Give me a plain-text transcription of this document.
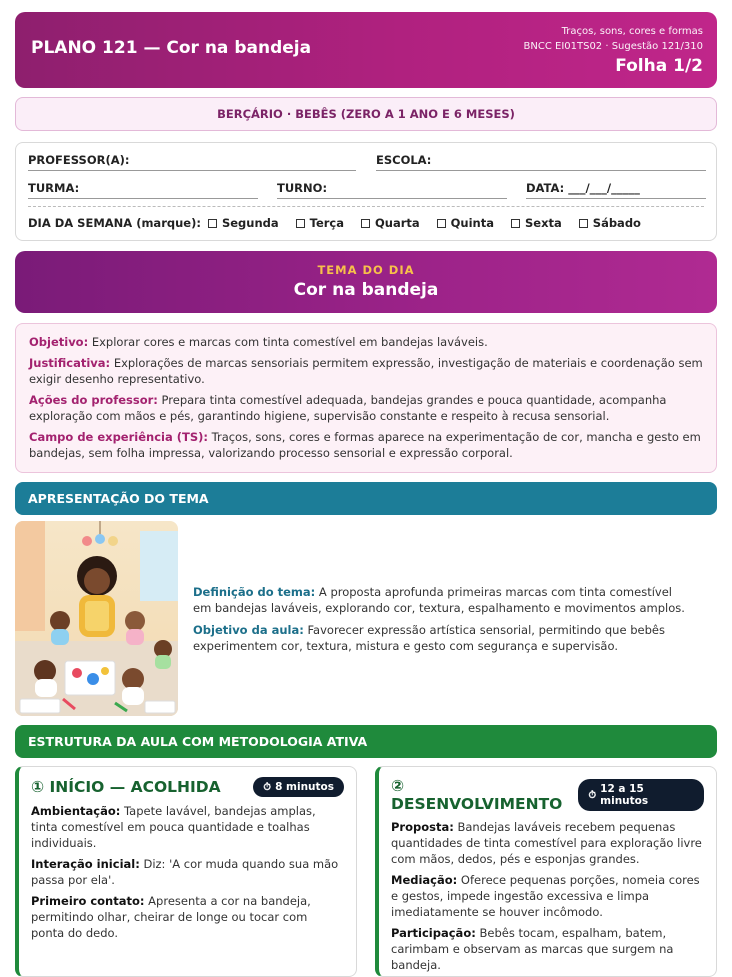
PLANO 121 — Cor na bandeja
Traços, sons, cores e formas
BNCC EI01TS02 · Sugestão 121/310
Folha 1/2
BERÇÁRIO · BEBÊS (ZERO A 1 ANO E 6 MESES)
PROFESSOR(A):	ESCOLA:
TURMA:	TURNO:	DATA: ___/___/_____
DIA DA SEMANA (marque): Segunda	Terça	Quarta	Quinta	Sexta	Sábado
TEMA DO DIA
Cor na bandeja

Objetivo: Explorar cores e marcas com tinta comestível em bandejas laváveis.

Justificativa: Explorações de marcas sensoriais permitem expressão, investigação de materiais e coordenação sem exigir desenho representativo.

Ações do professor: Prepara tinta comestível adequada, bandejas grandes e pouca quantidade, acompanha exploração com mãos e pés, garantindo higiene, supervisão constante e respeito à recusa sensorial.

Campo de experiência (TS): Traços, sons, cores e formas aparece na experimentação de cor, mancha e gesto em bandejas, sem folha impressa, valorizando processo sensorial e expressão corporal.

APRESENTAÇÃO DO TEMA

Definição do tema: A proposta aprofunda primeiras marcas com tinta comestível em bandejas laváveis, explorando cor, textura, espalhamento e movimentos amplos.

Objetivo da aula: Favorecer expressão artística sensorial, permitindo que bebês experimentem cor, textura, mistura e gesto com segurança e supervisão.

ESTRUTURA DA AULA COM METODOLOGIA ATIVA
① INÍCIO — ACOLHIDA	⏱ 8 minutos

Ambientação: Tapete lavável, bandejas amplas, tinta comestível em pouca quantidade e toalhas individuais.

Interação inicial: Diz: 'A cor muda quando sua mão passa por ela'.

Primeiro contato: Apresenta a cor na bandeja, permitindo olhar, cheirar de longe ou tocar com ponta do dedo.

② DESENVOLVIMENTO	⏱ 12 a 15 minutos

Proposta: Bandejas laváveis recebem pequenas quantidades de tinta comestível para exploração livre com mãos, dedos, pés e esponjas grandes.

Mediação: Oferece pequenas porções, nomeia cores e gestos, impede ingestão excessiva e limpa imediatamente se houver incômodo.

Participação: Bebês tocam, espalham, batem, carimbam e observam as marcas que surgem na bandeja.
